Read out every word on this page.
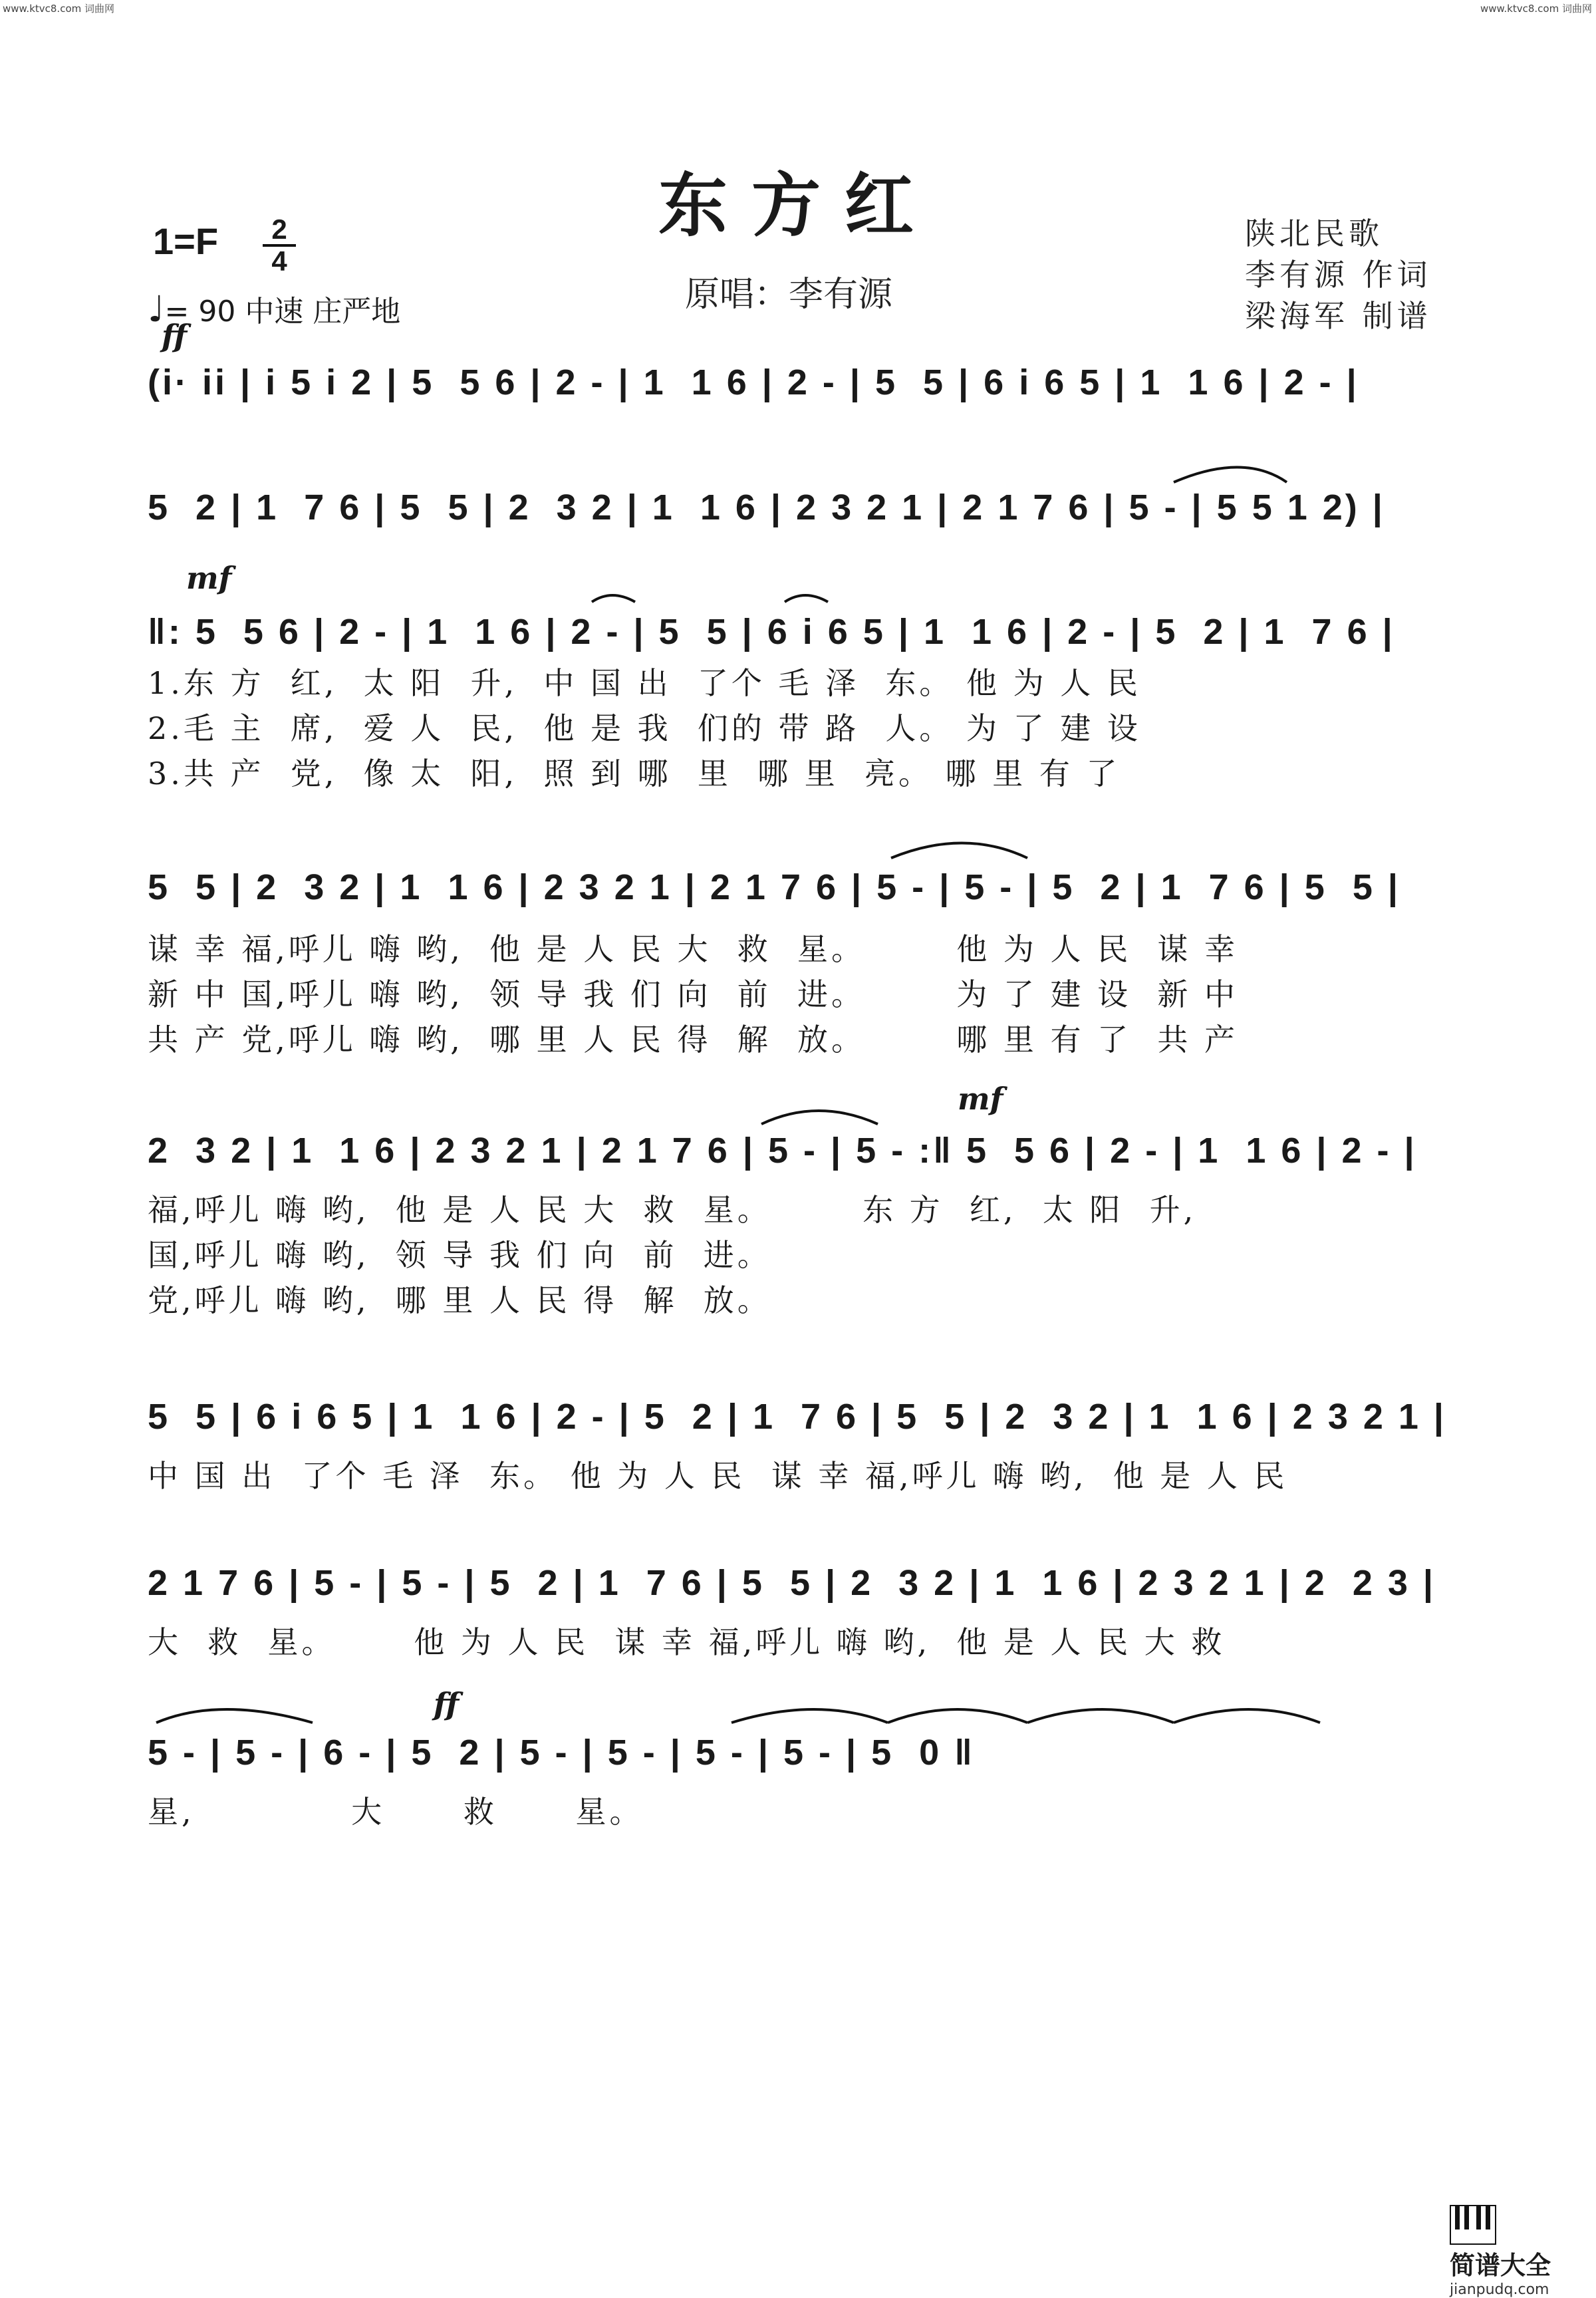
www.ktvc8.com 词曲网	www.ktvc8.com 词曲网
东方红
原唱：李有源
陕北民歌
李有源 作词
梁海军 制谱
1=F	2
4
♩= 90 中速 庄严地
ff
mf
mf
ff
(i· ii | i 5 i 2 | 5  5 6 | 2 - | 1  1 6 | 2 - | 5  5 | 6 i 6 5 | 1  1 6 | 2 - |
5  2 | 1  7 6 | 5  5 | 2  3 2 | 1  1 6 | 2 3 2 1 | 2 1 7 6 | 5 - | 5 5 1 2) |
‖: 5  5 6 | 2 - | 1  1 6 | 2 - | 5  5 | 6 i 6 5 | 1  1 6 | 2 - | 5  2 | 1  7 6 |
1.东 方  红,  太 阳  升,  中 国 出  了个 毛 泽  东。 他 为 人 民
2.毛 主  席,  爱 人  民,  他 是 我  们的 带 路  人。 为 了 建 设
3.共 产  党,  像 太  阳,  照 到 哪  里  哪 里  亮。 哪 里 有 了
5  5 | 2  3 2 | 1  1 6 | 2 3 2 1 | 2 1 7 6 | 5 - | 5 - | 5  2 | 1  7 6 | 5  5 |
谋 幸 福,呼儿 嗨 哟,  他 是 人 民 大  救  星。       他 为 人 民  谋 幸
新 中 国,呼儿 嗨 哟,  领 导 我 们 向  前  进。       为 了 建 设  新 中
共 产 党,呼儿 嗨 哟,  哪 里 人 民 得  解  放。       哪 里 有 了  共 产
2  3 2 | 1  1 6 | 2 3 2 1 | 2 1 7 6 | 5 - | 5 - :‖ 5  5 6 | 2 - | 1  1 6 | 2 - |
福,呼儿 嗨 哟,  他 是 人 民 大  救  星。       东 方  红,  太 阳  升,
国,呼儿 嗨 哟,  领 导 我 们 向  前  进。
党,呼儿 嗨 哟,  哪 里 人 民 得  解  放。
5  5 | 6 i 6 5 | 1  1 6 | 2 - | 5  2 | 1  7 6 | 5  5 | 2  3 2 | 1  1 6 | 2 3 2 1 |
中 国 出  了个 毛 泽  东。 他 为 人 民  谋 幸 福,呼儿 嗨 哟,  他 是 人 民
2 1 7 6 | 5 - | 5 - | 5  2 | 1  7 6 | 5  5 | 2  3 2 | 1  1 6 | 2 3 2 1 | 2  2 3 |
大  救  星。      他 为 人 民  谋 幸 福,呼儿 嗨 哟,  他 是 人 民 大 救
5 - | 5 - | 6 - | 5  2 | 5 - | 5 - | 5 - | 5 - | 5  0 ‖
星,            大      救      星。

简谱大全
jianpudq.com
